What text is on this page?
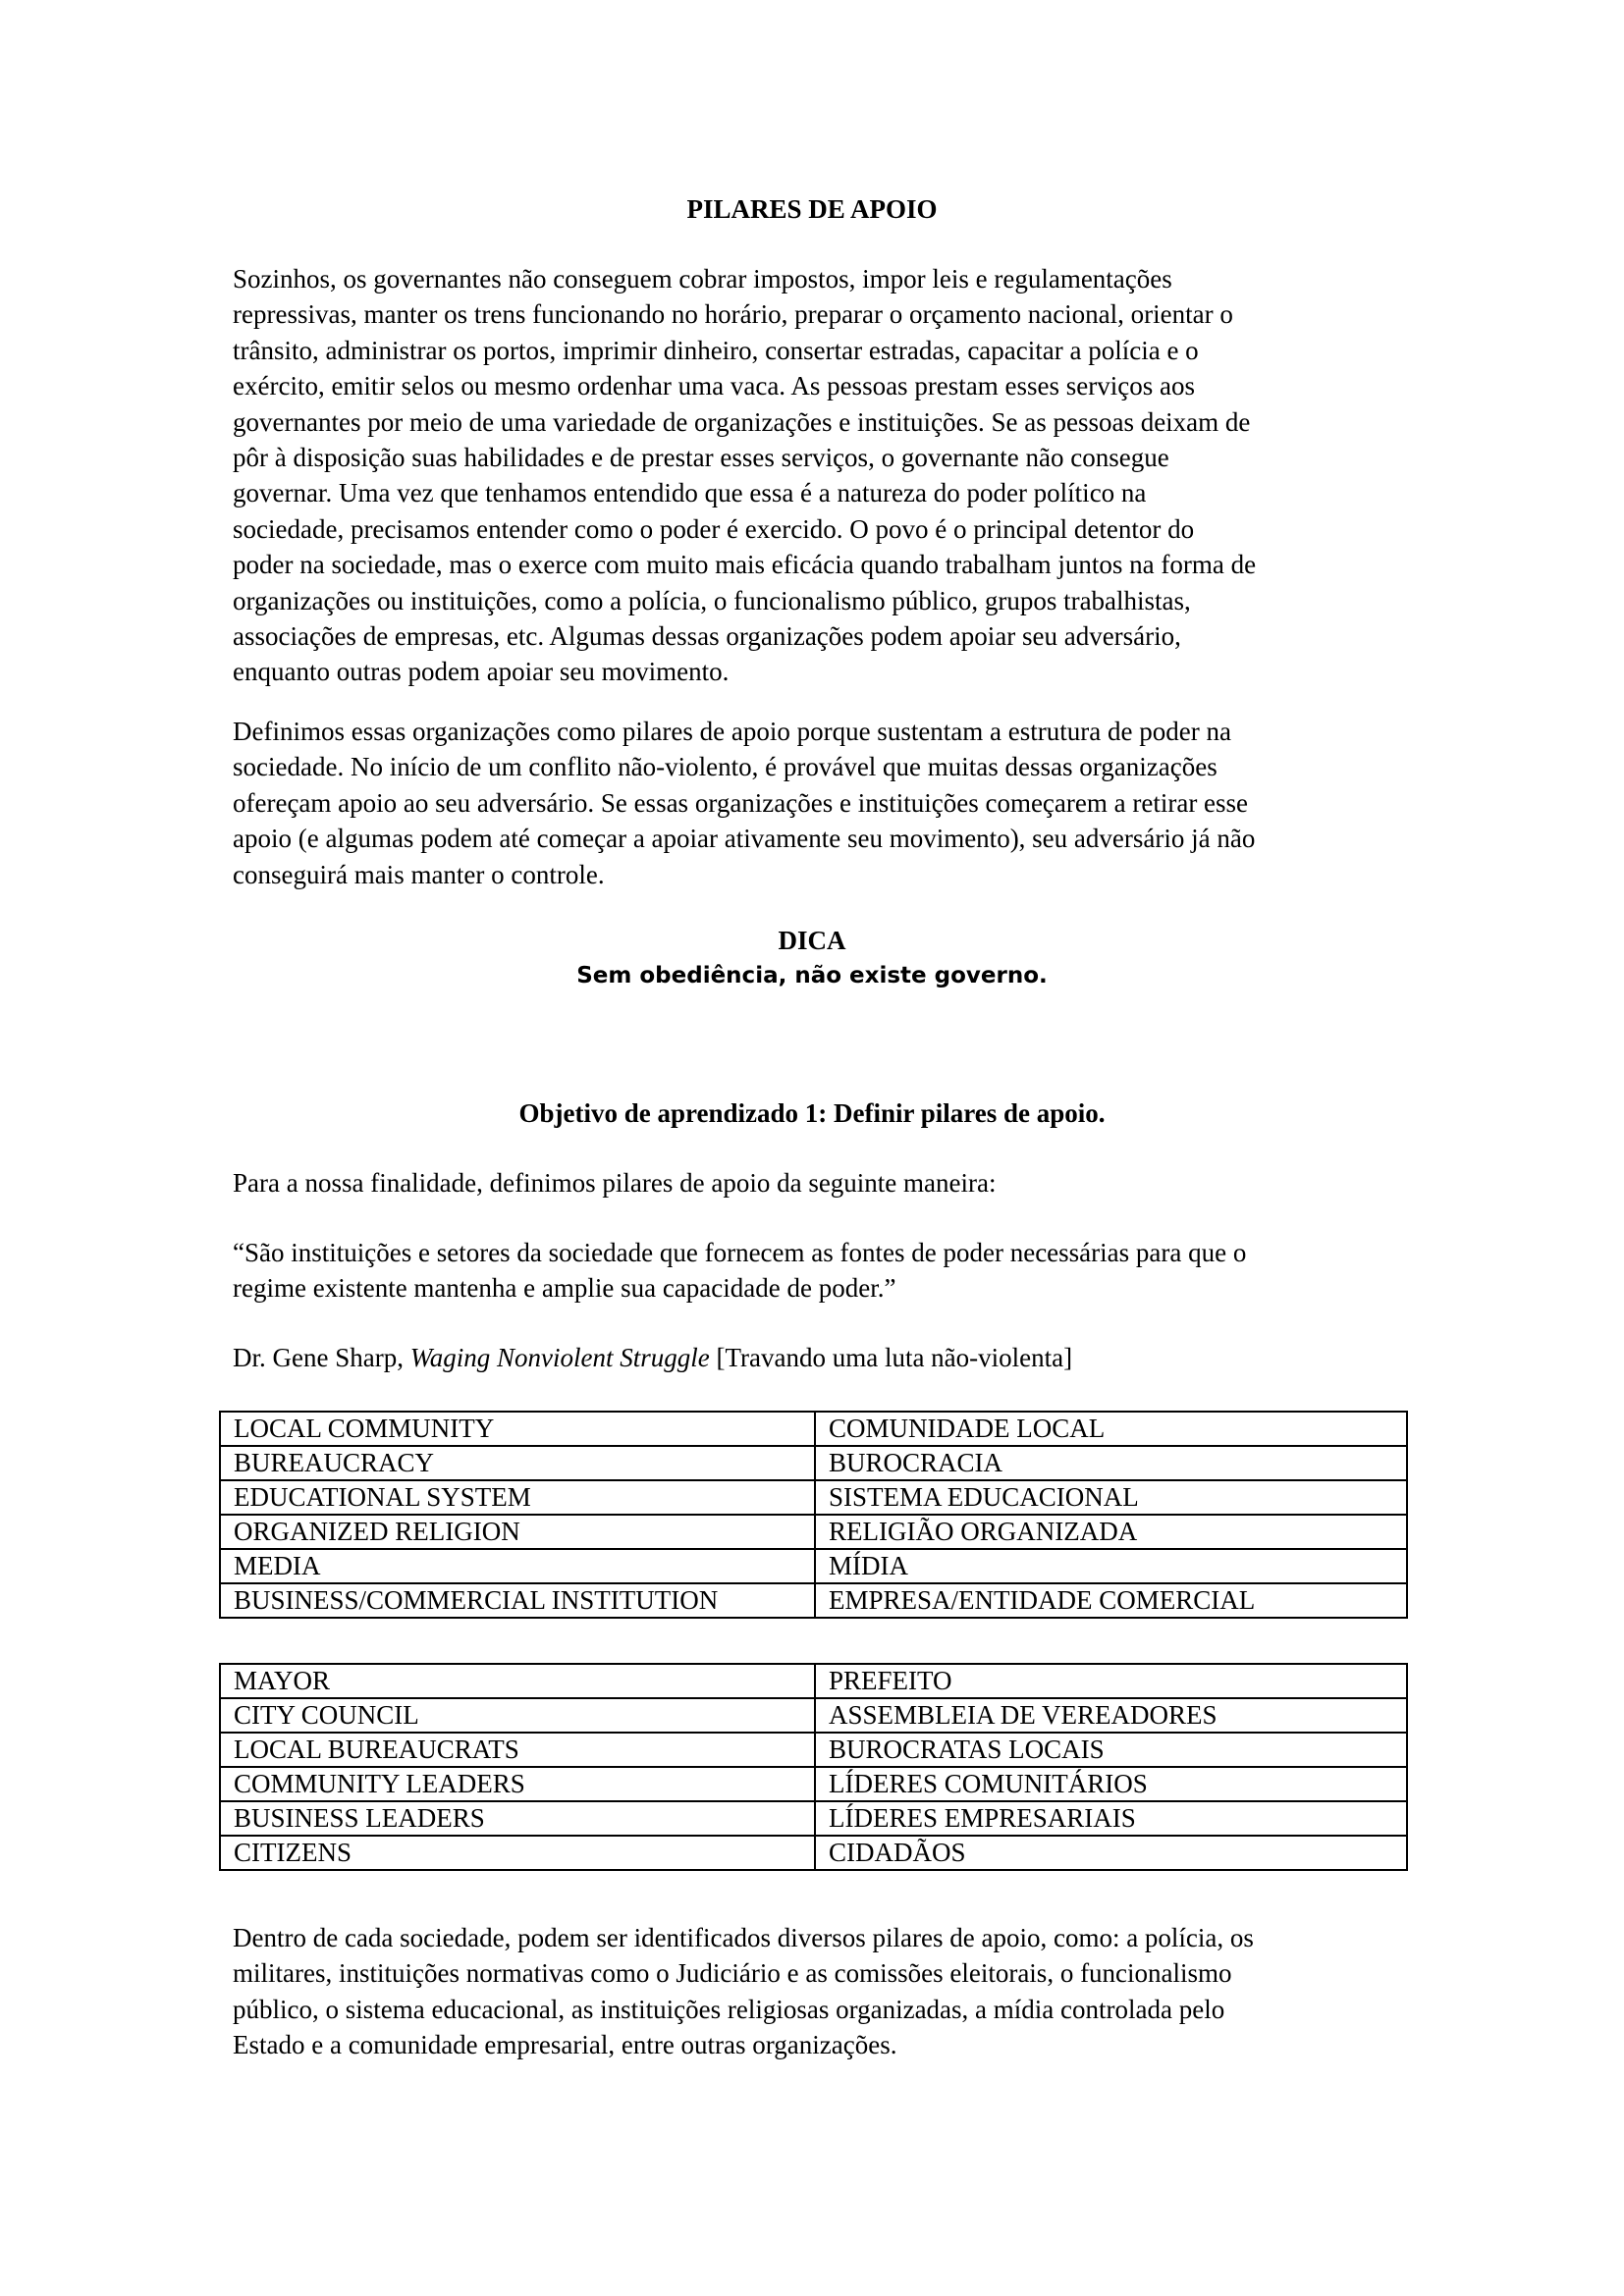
PILARES DE APOIO

Sozinhos, os governantes não conseguem cobrar impostos, impor leis e regulamentações
repressivas, manter os trens funcionando no horário, preparar o orçamento nacional, orientar o
trânsito, administrar os portos, imprimir dinheiro, consertar estradas, capacitar a polícia e o
exército, emitir selos ou mesmo ordenhar uma vaca. As pessoas prestam esses serviços aos
governantes por meio de uma variedade de organizações e instituições. Se as pessoas deixam de
pôr à disposição suas habilidades e de prestar esses serviços, o governante não consegue
governar. Uma vez que tenhamos entendido que essa é a natureza do poder político na
sociedade, precisamos entender como o poder é exercido. O povo é o principal detentor do
poder na sociedade, mas o exerce com muito mais eficácia quando trabalham juntos na forma de
organizações ou instituições, como a polícia, o funcionalismo público, grupos trabalhistas,
associações de empresas, etc. Algumas dessas organizações podem apoiar seu adversário,
enquanto outras podem apoiar seu movimento.

Definimos essas organizações como pilares de apoio porque sustentam a estrutura de poder na
sociedade. No início de um conflito não-violento, é provável que muitas dessas organizações
ofereçam apoio ao seu adversário. Se essas organizações e instituições começarem a retirar esse
apoio (e algumas podem até começar a apoiar ativamente seu movimento), seu adversário já não
conseguirá mais manter o controle.

DICA
Sem obediência, não existe governo.
Objetivo de aprendizado 1: Definir pilares de apoio.

Para a nossa finalidade, definimos pilares de apoio da seguinte maneira:

“São instituições e setores da sociedade que fornecem as fontes de poder necessárias para que o
regime existente mantenha e amplie sua capacidade de poder.”

Dr. Gene Sharp, Waging Nonviolent Struggle [Travando uma luta não-violenta]

LOCAL COMMUNITY	COMUNIDADE LOCAL
BUREAUCRACY	BUROCRACIA
EDUCATIONAL SYSTEM	SISTEMA EDUCACIONAL
ORGANIZED RELIGION	RELIGIÃO ORGANIZADA
MEDIA	MÍDIA
BUSINESS/COMMERCIAL INSTITUTION	EMPRESA/ENTIDADE COMERCIAL
MAYOR	PREFEITO
CITY COUNCIL	ASSEMBLEIA DE VEREADORES
LOCAL BUREAUCRATS	BUROCRATAS LOCAIS
COMMUNITY LEADERS	LÍDERES COMUNITÁRIOS
BUSINESS LEADERS	LÍDERES EMPRESARIAIS
CITIZENS	CIDADÃOS

Dentro de cada sociedade, podem ser identificados diversos pilares de apoio, como: a polícia, os
militares, instituições normativas como o Judiciário e as comissões eleitorais, o funcionalismo
público, o sistema educacional, as instituições religiosas organizadas, a mídia controlada pelo
Estado e a comunidade empresarial, entre outras organizações.
